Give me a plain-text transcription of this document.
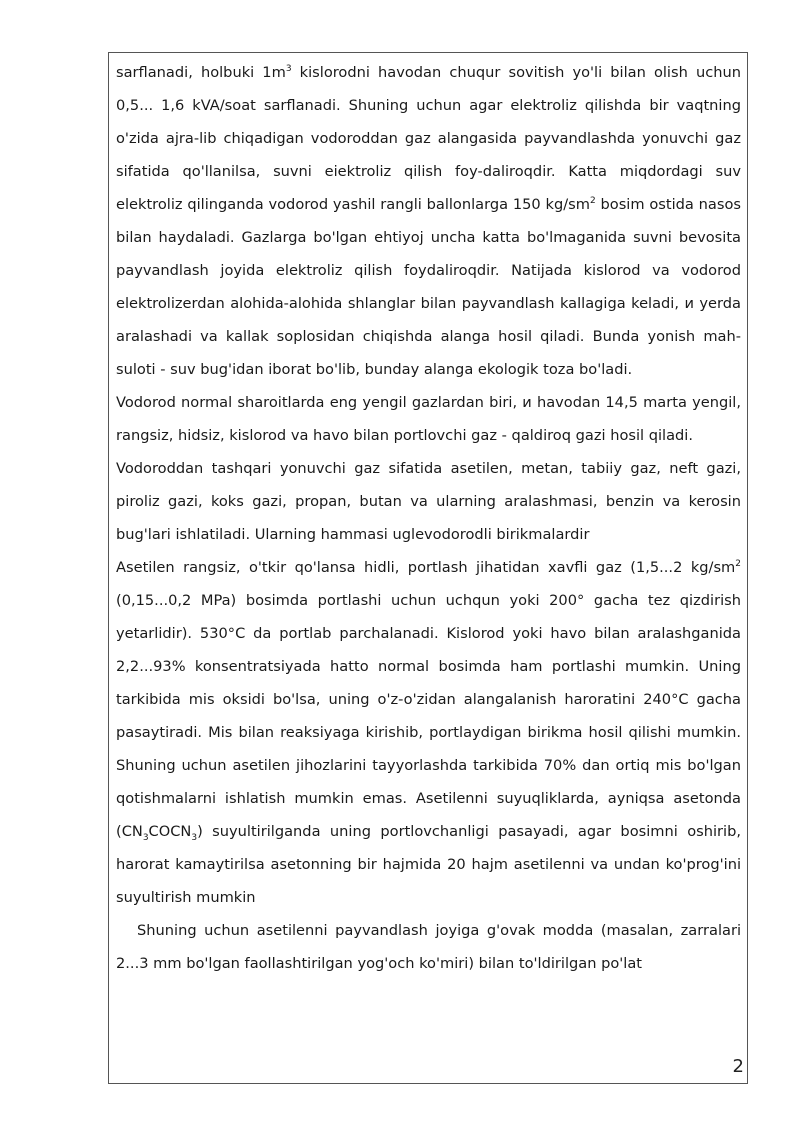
sarflanadi, holbuki $1m^3$ kislorodni havodan chuqur sovitish yo'li bilan olish uchun 0,5... 1,6 kVA/soat sarflanadi. Shuning uchun agar elektroliz qilishda bir vaqtning o'zida ajra-lib chiqadigan vodoroddan gaz alangasida payvandlashda yonuvchi gaz sifatida qo'llanilsa, suvni eiektroliz qilish foy-daliroqdir. Katta miqdordagi suv elektroliz qilinganda vodorod yashil rangli ballonlarga 150 $kg/sm^2$ bosim ostida nasos bilan haydaladi. Gazlarga bo'lgan ehtiyoj uncha katta bo'lmaganida suvni bevosita payvandlash joyida elektroliz qilish foydaliroqdir. Natijada kislorod va vodorod elektrolizerdan alohida-alohida shlanglar bilan payvandlash kallagiga keladi, и yerda aralashadi va kallak soplosidan chiqishda alanga hosil qiladi. Bunda yonish mah-suloti - suv bug'idan iborat bo'lib, bunday alanga ekologik toza bo'ladi.

Vodorod normal sharoitlarda eng yengil gazlardan biri, и havodan 14,5 marta yengil, rangsiz, hidsiz, kislorod va havo bilan portlovchi gaz - qaldiroq gazi hosil qiladi.

Vodoroddan tashqari yonuvchi gaz sifatida asetilen, metan, tabiiy gaz, neft gazi, piroliz gazi, koks gazi, propan, butan va ularning aralashmasi, benzin va kerosin bug'lari ishlatiladi. Ularning hammasi uglevodorodli birikmalardir

Asetilen rangsiz, o'tkir qo'lansa hidli, portlash jihatidan xavfli gaz (1,5...2 $kg/sm^2$ (0,15...0,2 MPa) bosimda portlashi uchun uchqun yoki 200° gacha tez qizdirish yetarlidir). 530°C da portlab parchalanadi. Kislorod yoki havo bilan aralashganida 2,2...93% konsentratsiyada hatto normal bosimda ham portlashi mumkin. Uning tarkibida mis oksidi bo'lsa, uning o'z-o'zidan alangalanish haroratini 240°C gacha pasaytiradi. Mis bilan reaksiyaga kirishib, portlaydigan birikma hosil qilishi mumkin. Shuning uchun asetilen jihozlarini tayyorlashda tarkibida 70% dan ortiq mis bo'lgan qotishmalarni ishlatish mumkin emas. Asetilenni suyuqliklarda, ayniqsa asetonda $(CN_3COCN_3)$ suyultirilganda uning portlovchanligi pasayadi, agar bosimni oshirib, harorat kamaytirilsa asetonning bir hajmida 20 hajm asetilenni va undan ko'prog'ini suyultirish mumkin

Shuning uchun asetilenni payvandlash joyiga g'ovak modda (masalan, zarralari 2...3 mm bo'lgan faollashtirilgan yog'och ko'miri) bilan to'ldirilgan po'lat

2
